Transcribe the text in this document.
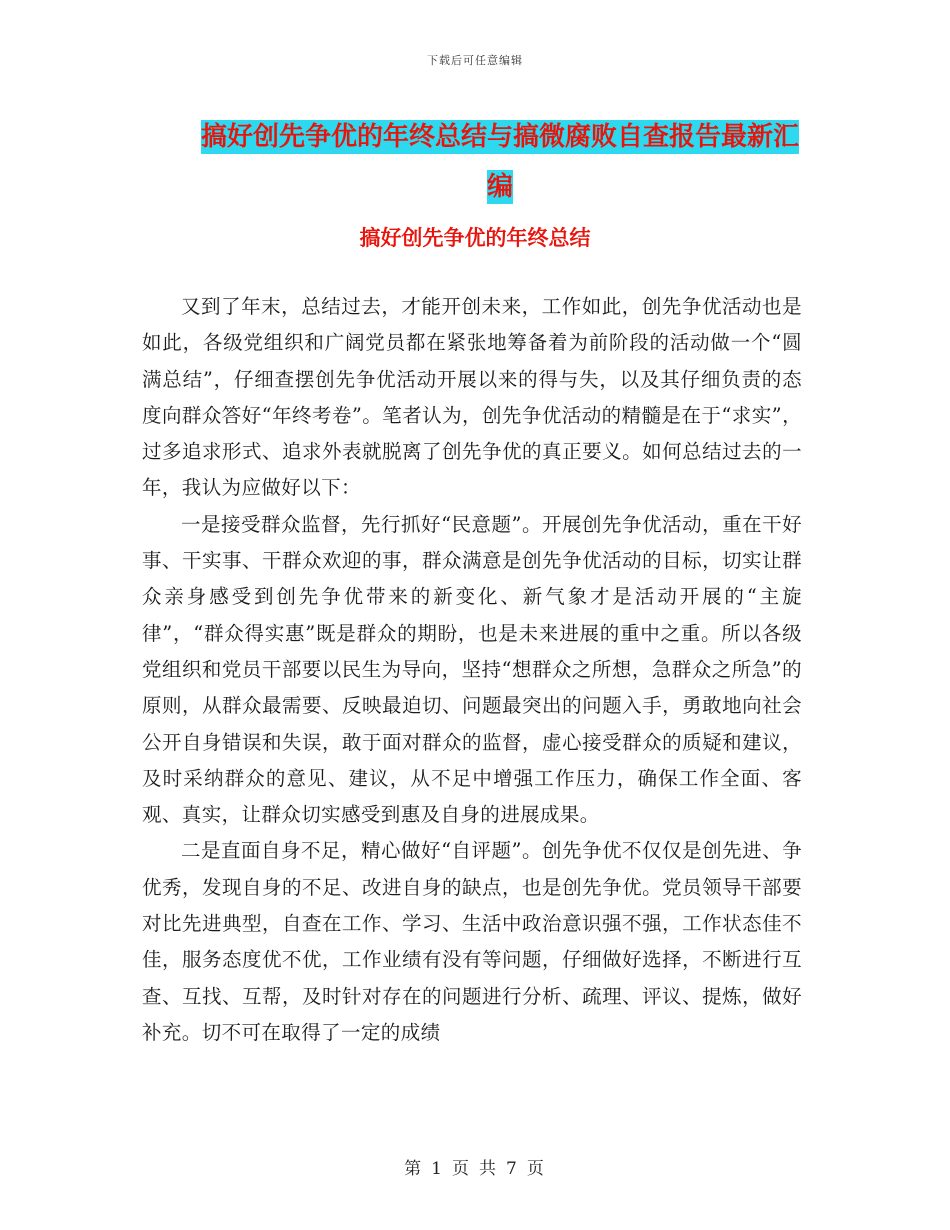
下载后可任意编辑
搞好创先争优的年终总结与搞微腐败自查报告最新汇编
搞好创先争优的年终总结

又到了年末，总结过去，才能开创未来，工作如此，创先争优活动也是如此，各级党组织和广阔党员都在紧张地筹备着为前阶段的活动做一个“圆满总结”，仔细查摆创先争优活动开展以来的得与失，以及其仔细负责的态度向群众答好“年终考卷”。笔者认为，创先争优活动的精髓是在于“求实”，过多追求形式、追求外表就脱离了创先争优的真正要义。如何总结过去的一年，我认为应做好以下：

一是接受群众监督，先行抓好“民意题”。开展创先争优活动，重在干好事、干实事、干群众欢迎的事，群众满意是创先争优活动的目标，切实让群众亲身感受到创先争优带来的新变化、新气象才是活动开展的“主旋律”，“群众得实惠”既是群众的期盼，也是未来进展的重中之重。所以各级党组织和党员干部要以民生为导向，坚持“想群众之所想，急群众之所急”的原则，从群众最需要、反映最迫切、问题最突出的问题入手，勇敢地向社会公开自身错误和失误，敢于面对群众的监督，虚心接受群众的质疑和建议，及时采纳群众的意见、建议，从不足中增强工作压力，确保工作全面、客观、真实，让群众切实感受到惠及自身的进展成果。

二是直面自身不足，精心做好“自评题”。创先争优不仅仅是创先进、争优秀，发现自身的不足、改进自身的缺点，也是创先争优。党员领导干部要对比先进典型，自查在工作、学习、生活中政治意识强不强，工作状态佳不佳，服务态度优不优，工作业绩有没有等问题，仔细做好选择，不断进行互查、互找、互帮，及时针对存在的问题进行分析、疏理、评议、提炼，做好补充。切不可在取得了一定的成绩

第 1 页 共 7 页
